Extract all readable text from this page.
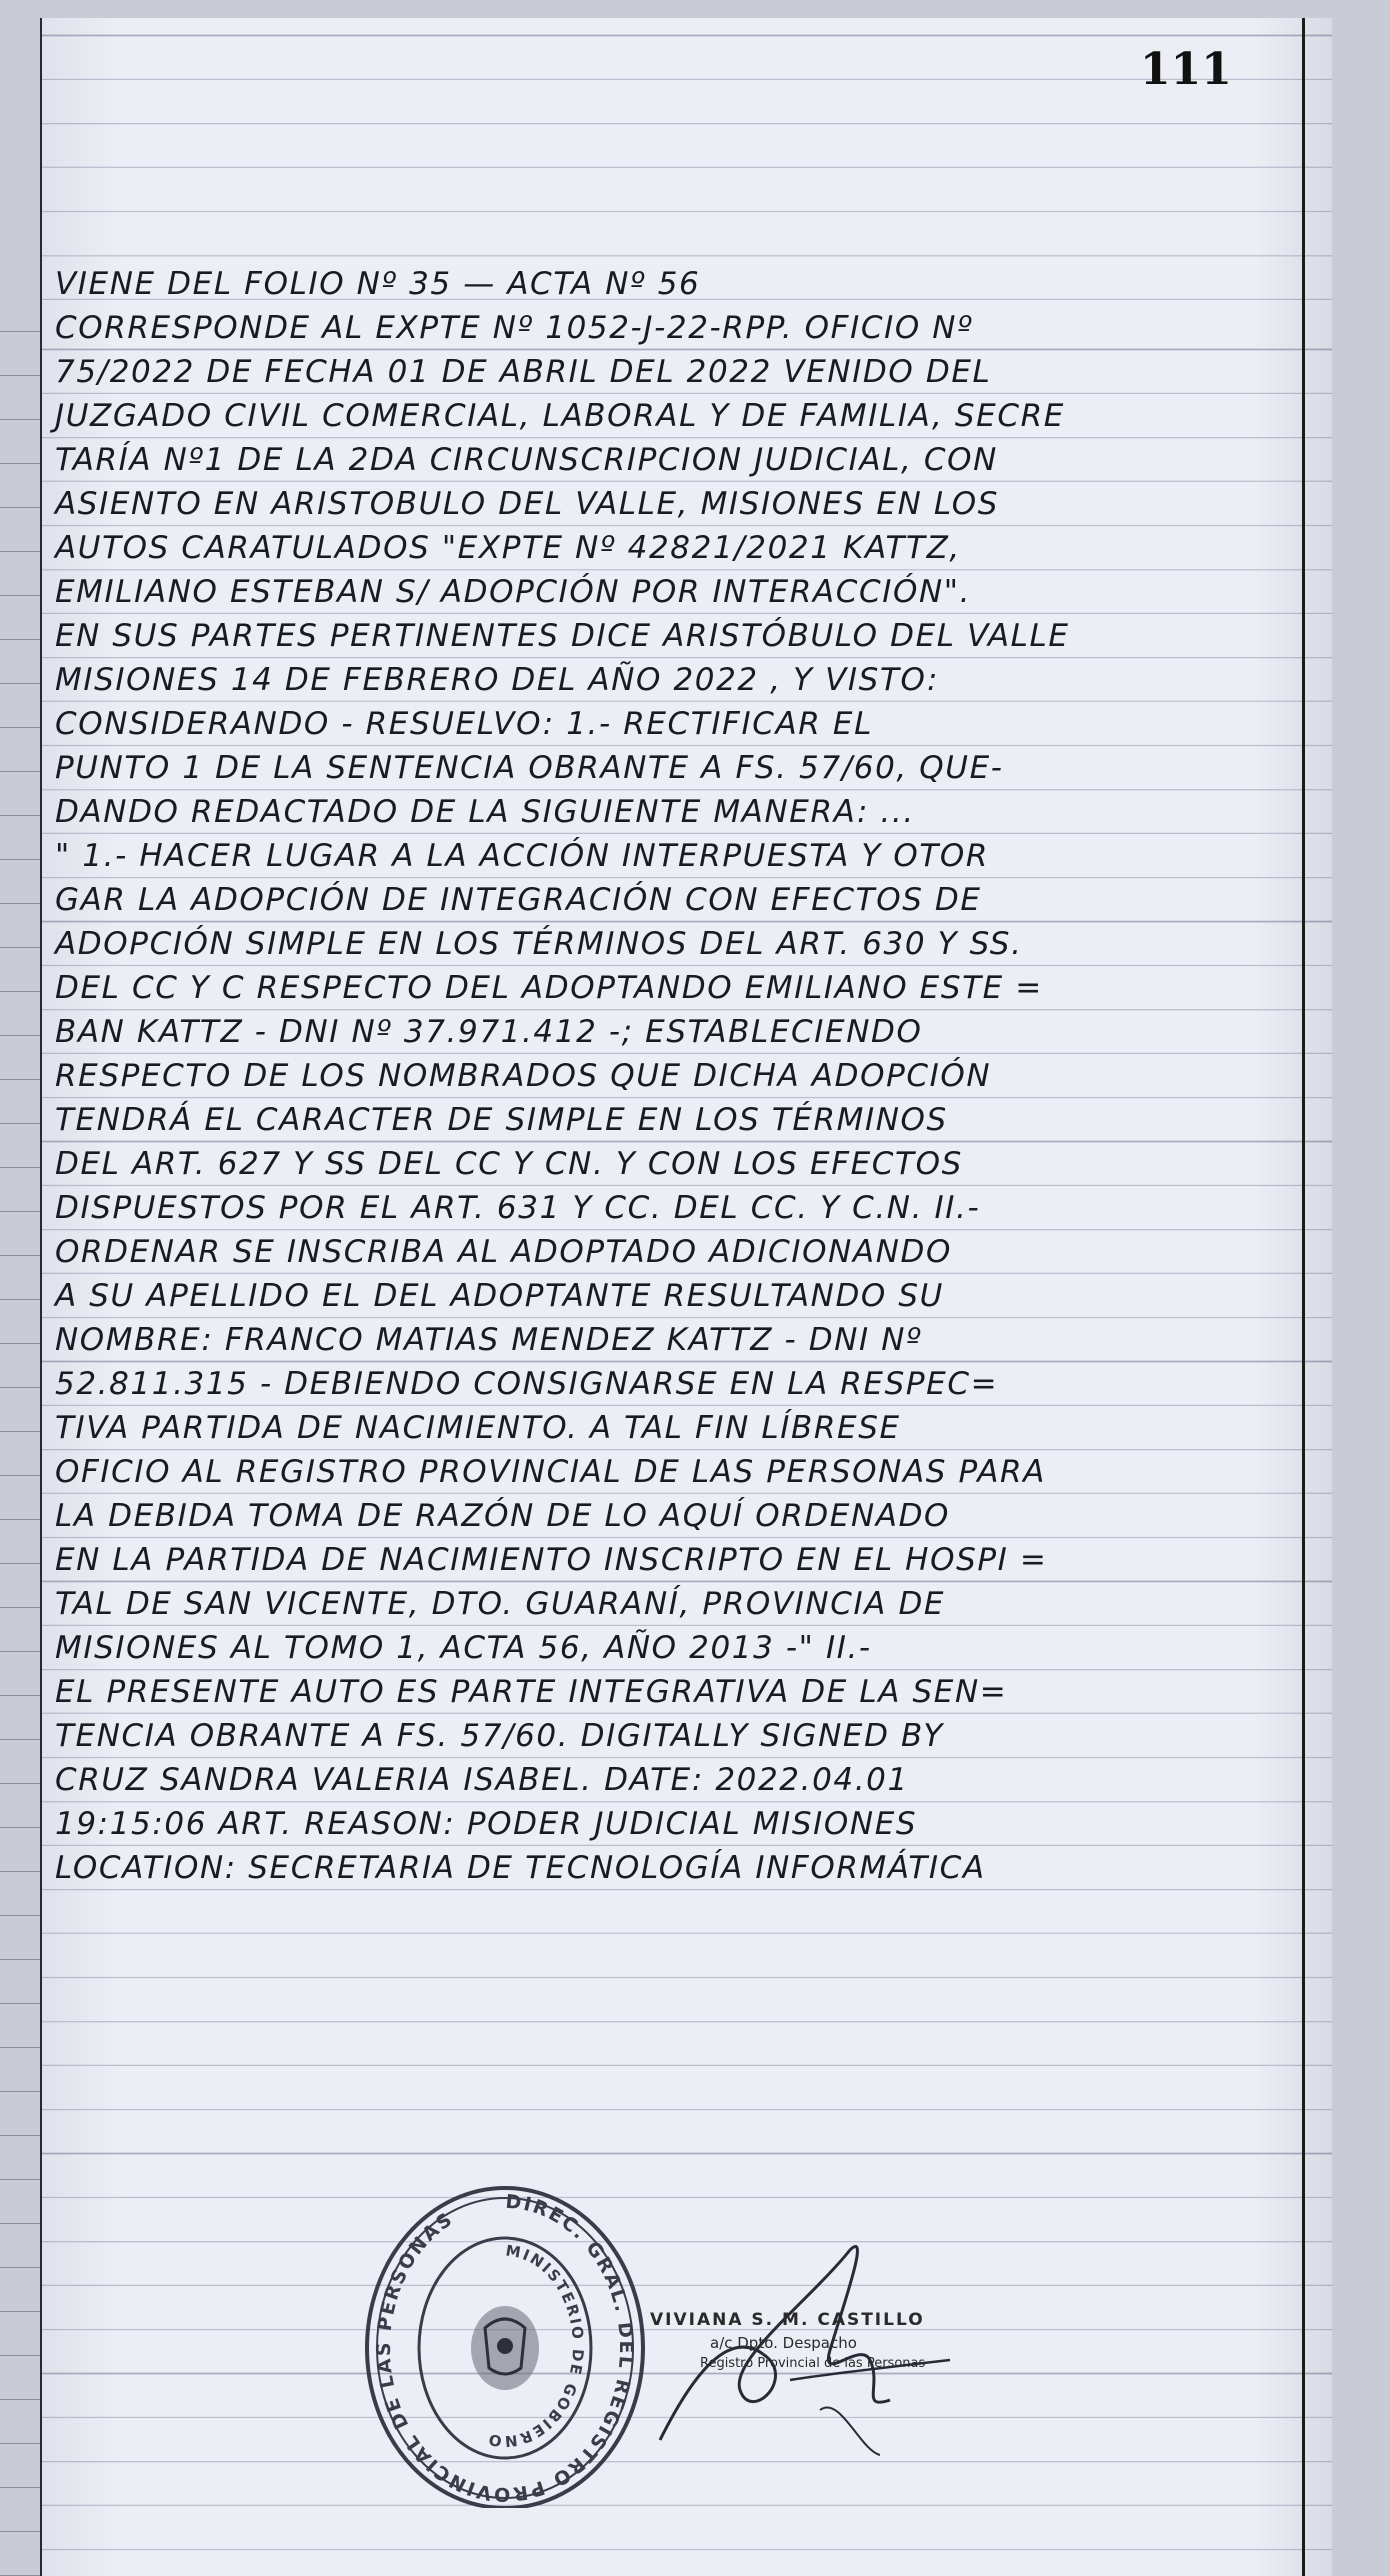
111
VIENE DEL FOLIO Nº 35 — ACTA Nº 56
CORRESPONDE AL EXPTE Nº 1052-J-22-RPP. OFICIO Nº
75/2022 DE FECHA 01 DE ABRIL DEL 2022 VENIDO DEL
JUZGADO CIVIL COMERCIAL, LABORAL Y DE FAMILIA, SECRE
TARÍA Nº1 DE LA 2DA CIRCUNSCRIPCION JUDICIAL, CON
ASIENTO EN ARISTOBULO DEL VALLE, MISIONES EN LOS
AUTOS CARATULADOS "EXPTE Nº 42821/2021 KATTZ,
EMILIANO ESTEBAN S/ ADOPCIÓN POR INTERACCIÓN".
EN SUS PARTES PERTINENTES DICE ARISTÓBULO DEL VALLE
MISIONES 14 DE FEBRERO DEL AÑO 2022 , Y VISTO:
CONSIDERANDO - RESUELVO: 1.- RECTIFICAR EL
PUNTO 1 DE LA SENTENCIA OBRANTE A FS. 57/60, QUE-
DANDO REDACTADO DE LA SIGUIENTE MANERA: ...
" 1.- HACER LUGAR A LA ACCIÓN INTERPUESTA Y OTOR
GAR LA ADOPCIÓN DE INTEGRACIÓN CON EFECTOS DE
ADOPCIÓN SIMPLE EN LOS TÉRMINOS DEL ART. 630 Y SS.
DEL CC Y C RESPECTO DEL ADOPTANDO EMILIANO ESTE =
BAN KATTZ - DNI Nº 37.971.412 -; ESTABLECIENDO
RESPECTO DE LOS NOMBRADOS QUE DICHA ADOPCIÓN
TENDRÁ EL CARACTER DE SIMPLE EN LOS TÉRMINOS
DEL ART. 627 Y SS DEL CC Y CN. Y CON LOS EFECTOS
DISPUESTOS POR EL ART. 631 Y CC. DEL CC. Y C.N. II.-
ORDENAR SE INSCRIBA AL ADOPTADO ADICIONANDO
A SU APELLIDO EL DEL ADOPTANTE RESULTANDO SU
NOMBRE: FRANCO MATIAS MENDEZ KATTZ - DNI Nº
52.811.315 - DEBIENDO CONSIGNARSE EN LA RESPEC=
TIVA PARTIDA DE NACIMIENTO. A TAL FIN LÍBRESE
OFICIO AL REGISTRO PROVINCIAL DE LAS PERSONAS PARA
LA DEBIDA TOMA DE RAZÓN DE LO AQUÍ ORDENADO
EN LA PARTIDA DE NACIMIENTO INSCRIPTO EN EL HOSPI =
TAL DE SAN VICENTE, DTO. GUARANÍ, PROVINCIA DE
MISIONES AL TOMO 1, ACTA 56, AÑO 2013 -" II.-
EL PRESENTE AUTO ES PARTE INTEGRATIVA DE LA SEN=
TENCIA OBRANTE A FS. 57/60. DIGITALLY SIGNED BY
CRUZ SANDRA VALERIA ISABEL. DATE: 2022.04.01
19:15:06 ART. REASON: PODER JUDICIAL MISIONES
LOCATION: SECRETARIA DE TECNOLOGÍA INFORMÁTICA
DIREC. GRAL. DEL REGISTRO PROVINCIAL DE LAS PERSONAS
MINISTERIO DE GOBIERNO
VIVIANA S. M. CASTILLO
a/c Dpto. Despacho
Registro Provincial de las Personas
